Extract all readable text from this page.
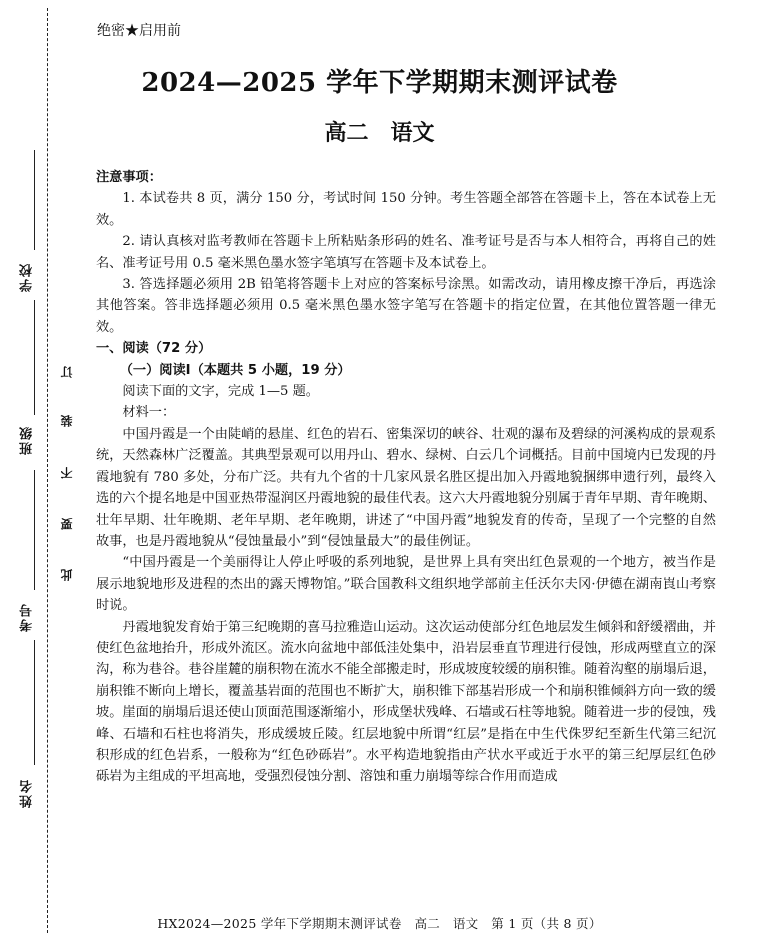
学校
班级
考号
姓名
订
装
不
要
此
绝密★启用前
2024—2025 学年下学期期末测评试卷
高二　语文

注意事项：

1. 本试卷共 8 页，满分 150 分，考试时间 150 分钟。考生答题全部答在答题卡上，答在本试卷上无效。

2. 请认真核对监考教师在答题卡上所粘贴条形码的姓名、准考证号是否与本人相符合，再将自己的姓名、准考证号用 0.5 毫米黑色墨水签字笔填写在答题卡及本试卷上。

3. 答选择题必须用 2B 铅笔将答题卡上对应的答案标号涂黑。如需改动，请用橡皮擦干净后，再选涂其他答案。答非选择题必须用 0.5 毫米黑色墨水签字笔写在答题卡的指定位置，在其他位置答题一律无效。

一、阅读（72 分）

（一）阅读Ⅰ（本题共 5 小题，19 分）

阅读下面的文字，完成 1—5 题。

材料一：

中国丹霞是一个由陡峭的悬崖、红色的岩石、密集深切的峡谷、壮观的瀑布及碧绿的河溪构成的景观系统，天然森林广泛覆盖。其典型景观可以用丹山、碧水、绿树、白云几个词概括。目前中国境内已发现的丹霞地貌有 780 多处，分布广泛。共有九个省的十几家风景名胜区提出加入丹霞地貌捆绑申遗行列，最终入选的六个提名地是中国亚热带湿润区丹霞地貌的最佳代表。这六大丹霞地貌分别属于青年早期、青年晚期、壮年早期、壮年晚期、老年早期、老年晚期，讲述了“中国丹霞”地貌发育的传奇，呈现了一个完整的自然故事，也是丹霞地貌从“侵蚀量最小”到“侵蚀量最大”的最佳例证。

“中国丹霞是一个美丽得让人停止呼吸的系列地貌，是世界上具有突出红色景观的一个地方，被当作是展示地貌地形及进程的杰出的露天博物馆。”联合国教科文组织地学部前主任沃尔夫冈·伊德在湖南崀山考察时说。

丹霞地貌发育始于第三纪晚期的喜马拉雅造山运动。这次运动使部分红色地层发生倾斜和舒缓褶曲，并使红色盆地抬升，形成外流区。流水向盆地中部低洼处集中，沿岩层垂直节理进行侵蚀，形成两壁直立的深沟，称为巷谷。巷谷崖麓的崩积物在流水不能全部搬走时，形成坡度较缓的崩积锥。随着沟壑的崩塌后退，崩积锥不断向上增长，覆盖基岩面的范围也不断扩大，崩积锥下部基岩形成一个和崩积锥倾斜方向一致的缓坡。崖面的崩塌后退还使山顶面范围逐渐缩小，形成堡状残峰、石墙或石柱等地貌。随着进一步的侵蚀，残峰、石墙和石柱也将消失，形成缓坡丘陵。红层地貌中所谓“红层”是指在中生代侏罗纪至新生代第三纪沉积形成的红色岩系，一般称为“红色砂砾岩”。水平构造地貌指由产状水平或近于水平的第三纪厚层红色砂砾岩为主组成的平坦高地，受强烈侵蚀分割、溶蚀和重力崩塌等综合作用而造成

HX2024—2025 学年下学期期末测评试卷　高二　语文　第 1 页（共 8 页）
